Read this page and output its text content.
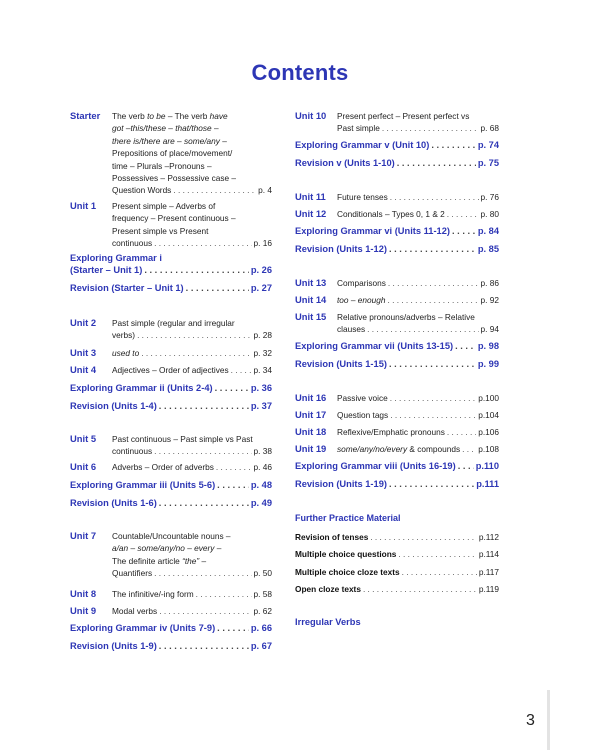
Contents
Starter The verb to be – The verb have
got –this/these – that/those –
there is/there are – some/any –
Prepositions of place/movement/
time – Plurals –Pronouns –
Possessives – Possessive case –
Question Words . . .	p. 4
Unit 1 Present simple – Adverbs of
frequency – Present continuous –
Present simple vs Present
continuous . . .	p. 16
Exploring Grammar i
(Starter – Unit 1) . . .	p. 26
Revision (Starter – Unit 1) . . .	p. 27
Unit 2 Past simple (regular and irregular
verbs) . . .	p. 28
Unit 3 used to . . .	p. 32
Unit 4 Adjectives – Order of adjectives . . .	p. 34
Exploring Grammar ii (Units 2-4) . . .	p. 36
Revision (Units 1-4) . . .	p. 37
Unit 5 Past continuous – Past simple vs Past
continuous . . .	p. 38
Unit 6 Adverbs – Order of adverbs . . .	p. 46
Exploring Grammar iii (Units 5-6) . . .	p. 48
Revision (Units 1-6) . . .	p. 49
Unit 7 Countable/Uncountable nouns –
a/an – some/any/no – every –
The definite article “the” –
Quantifiers . . .	p. 50
Unit 8 The infinitive/-ing form . . .	p. 58
Unit 9 Modal verbs . . .	p. 62
Exploring Grammar iv (Units 7-9) . . .	p. 66
Revision (Units 1-9) . . .	p. 67
Unit 10 Present perfect – Present perfect vs
Past simple . . .	p. 68
Exploring Grammar v (Unit 10) . . .	p. 74
Revision v (Units 1-10) . . .	p. 75
Unit 11 Future tenses . . .	p. 76
Unit 12 Conditionals – Types 0, 1 & 2 . . .	p. 80
Exploring Grammar vi (Units 11-12) . . .	p. 84
Revision (Units 1-12) . . .	p. 85
Unit 13 Comparisons . . .	p. 86
Unit 14 too – enough . . .	p. 92
Unit 15 Relative pronouns/adverbs – Relative
clauses . . .	p. 94
Exploring Grammar vii (Units 13-15) . . .	p. 98
Revision (Units 1-15) . . .	p. 99
Unit 16 Passive voice . . .	p.100
Unit 17 Question tags . . .	p.104
Unit 18 Reflexive/Emphatic pronouns . . .	p.106
Unit 19 some/any/no/every & compounds . . . p.108
Exploring Grammar viii (Units 16-19) . . . p.110
Revision (Units 1-19) . . .	p.111
Further Practice Material
Revision of tenses . . .	p.112
Multiple choice questions . . .	p.114
Multiple choice cloze texts . . .	p.117
Open cloze texts . . .	p.119
Irregular Verbs
3
